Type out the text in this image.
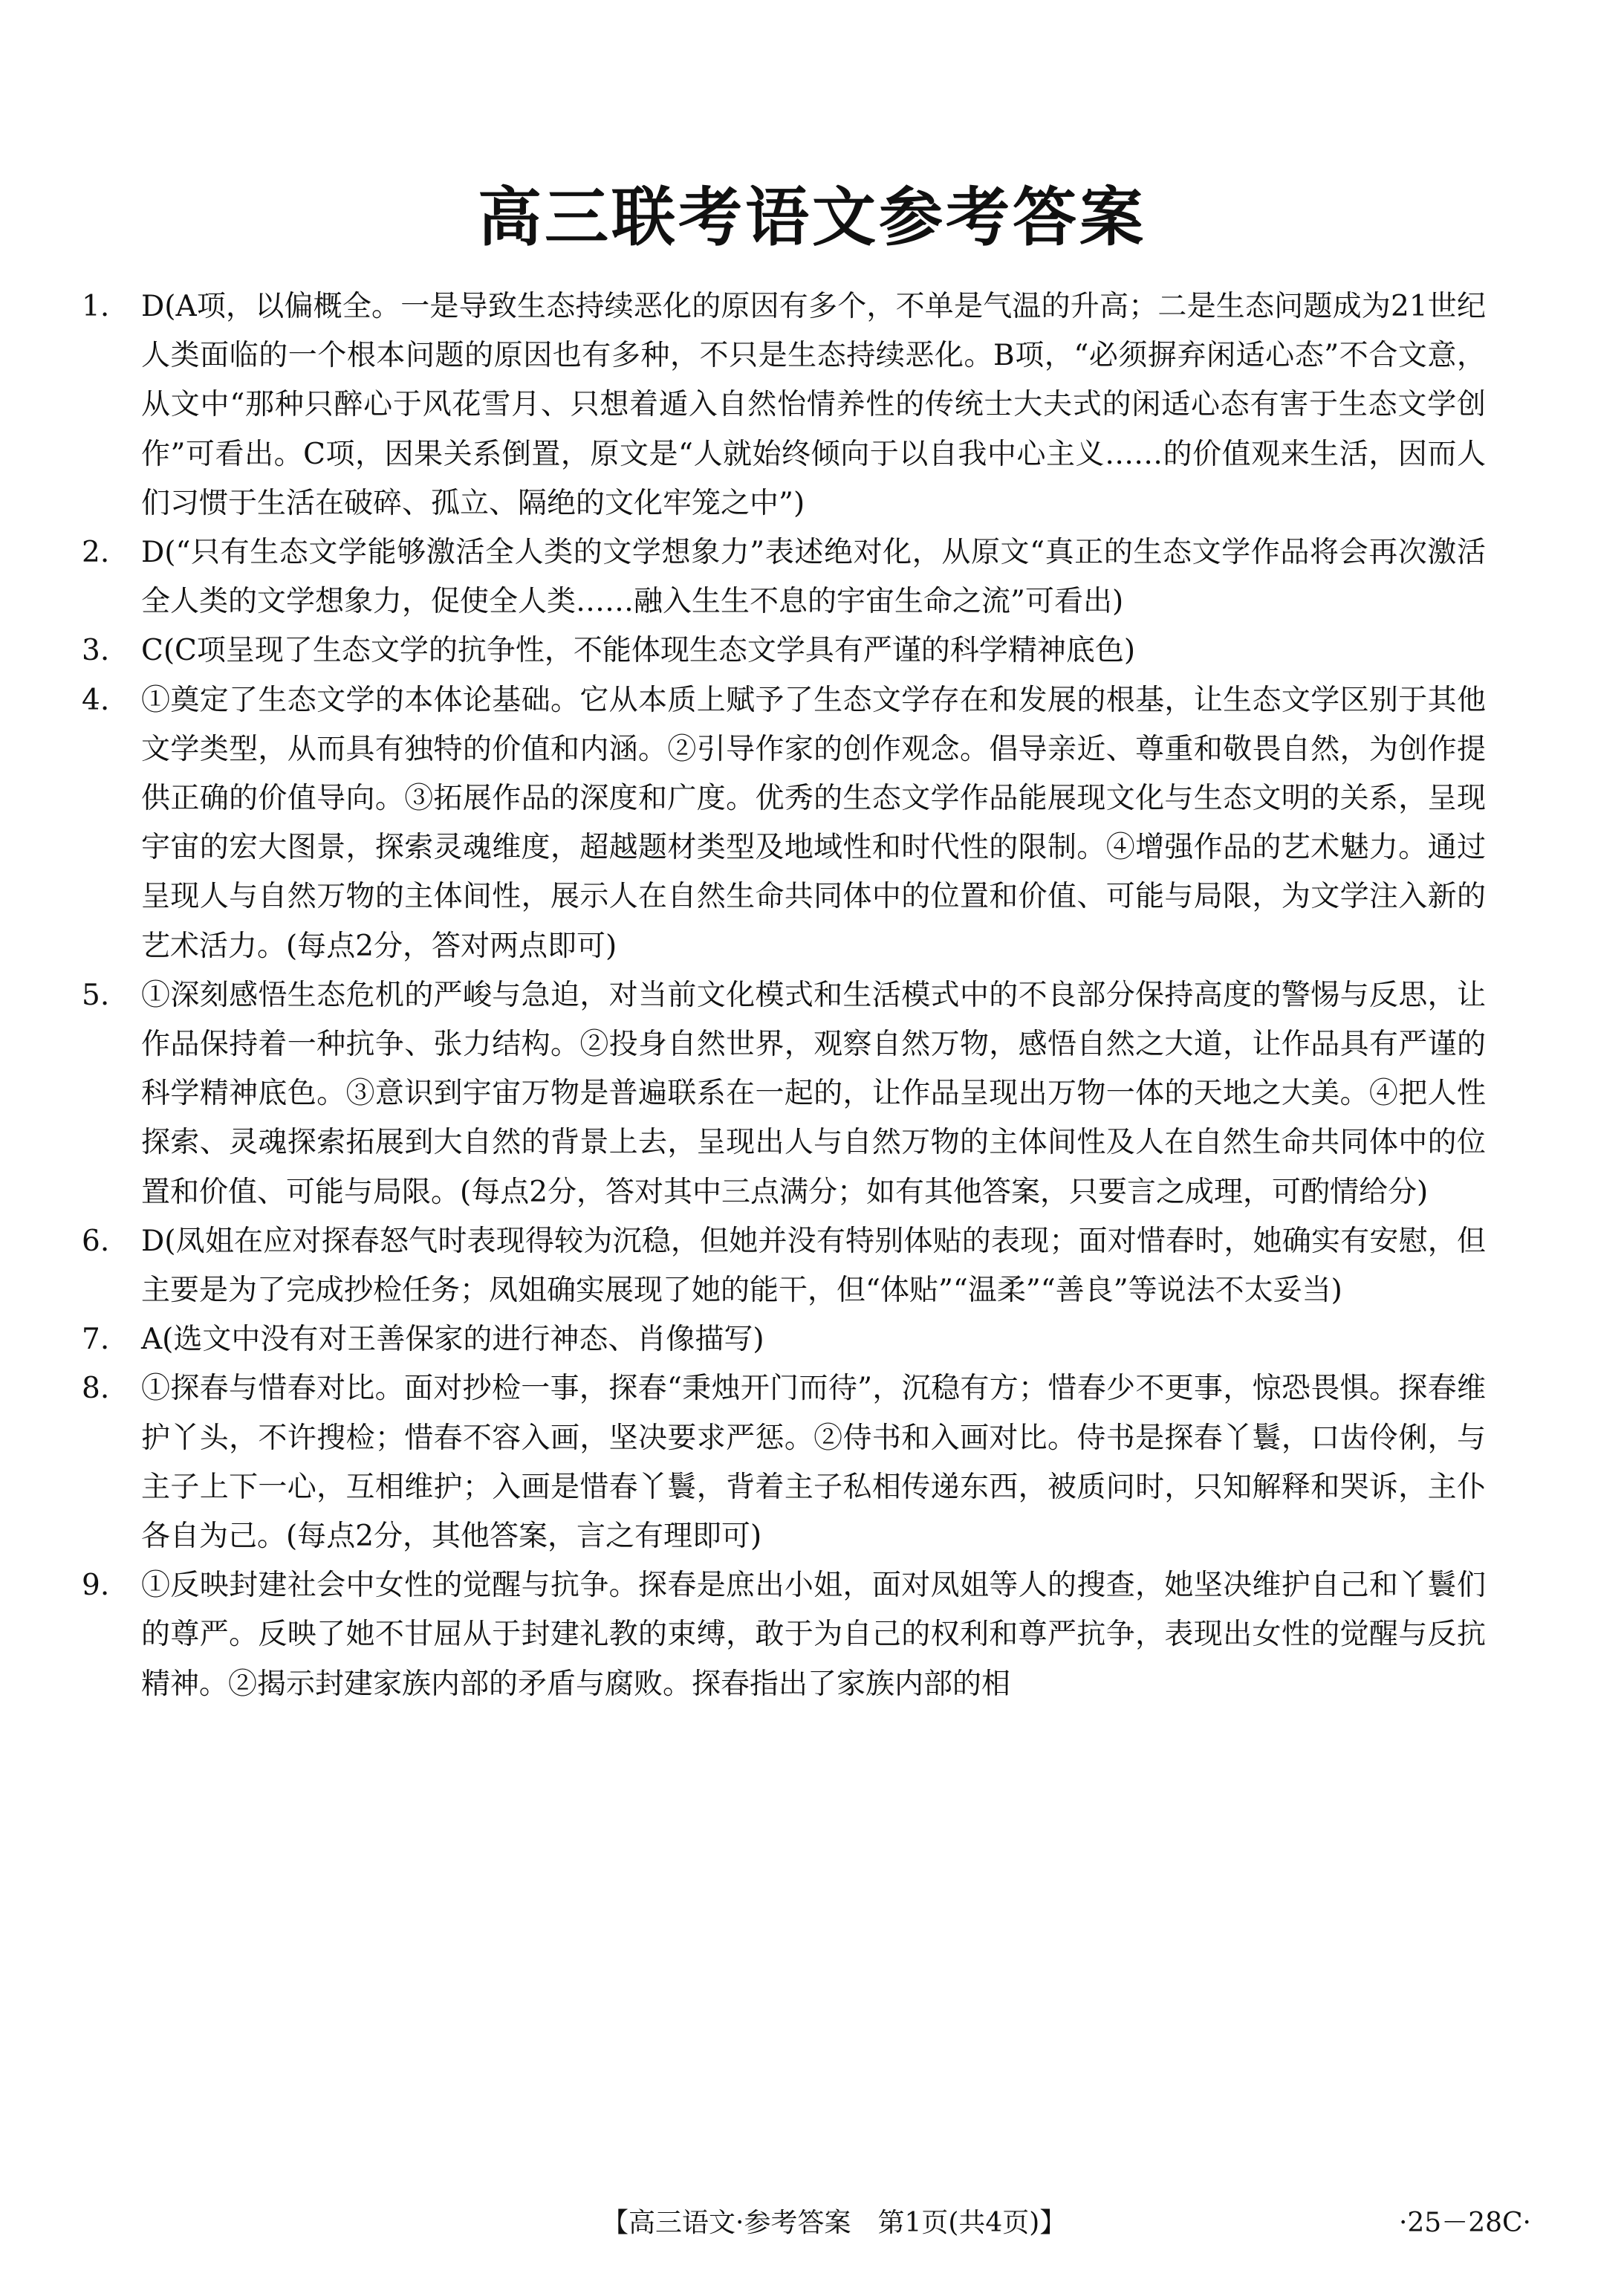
高三联考语文参考答案
1.	D(A项，以偏概全。一是导致生态持续恶化的原因有多个，不单是气温的升高；二是生态问题成为21世纪人类面临的一个根本问题的原因也有多种，不只是生态持续恶化。B项，“必须摒弃闲适心态”不合文意，从文中“那种只醉心于风花雪月、只想着遁入自然怡情养性的传统士大夫式的闲适心态有害于生态文学创作”可看出。C项，因果关系倒置，原文是“人就始终倾向于以自我中心主义……的价值观来生活，因而人们习惯于生活在破碎、孤立、隔绝的文化牢笼之中”)
2.	D(“只有生态文学能够激活全人类的文学想象力”表述绝对化，从原文“真正的生态文学作品将会再次激活全人类的文学想象力，促使全人类……融入生生不息的宇宙生命之流”可看出)
3.	C(C项呈现了生态文学的抗争性，不能体现生态文学具有严谨的科学精神底色)
4.	①奠定了生态文学的本体论基础。它从本质上赋予了生态文学存在和发展的根基，让生态文学区别于其他文学类型，从而具有独特的价值和内涵。②引导作家的创作观念。倡导亲近、尊重和敬畏自然，为创作提供正确的价值导向。③拓展作品的深度和广度。优秀的生态文学作品能展现文化与生态文明的关系，呈现宇宙的宏大图景，探索灵魂维度，超越题材类型及地域性和时代性的限制。④增强作品的艺术魅力。通过呈现人与自然万物的主体间性，展示人在自然生命共同体中的位置和价值、可能与局限，为文学注入新的艺术活力。(每点2分，答对两点即可)
5.	①深刻感悟生态危机的严峻与急迫，对当前文化模式和生活模式中的不良部分保持高度的警惕与反思，让作品保持着一种抗争、张力结构。②投身自然世界，观察自然万物，感悟自然之大道，让作品具有严谨的科学精神底色。③意识到宇宙万物是普遍联系在一起的，让作品呈现出万物一体的天地之大美。④把人性探索、灵魂探索拓展到大自然的背景上去，呈现出人与自然万物的主体间性及人在自然生命共同体中的位置和价值、可能与局限。(每点2分，答对其中三点满分；如有其他答案，只要言之成理，可酌情给分)
6.	D(凤姐在应对探春怒气时表现得较为沉稳，但她并没有特别体贴的表现；面对惜春时，她确实有安慰，但主要是为了完成抄检任务；凤姐确实展现了她的能干，但“体贴”“温柔”“善良”等说法不太妥当)
7.	A(选文中没有对王善保家的进行神态、肖像描写)
8.	①探春与惜春对比。面对抄检一事，探春“秉烛开门而待”，沉稳有方；惜春少不更事，惊恐畏惧。探春维护丫头，不许搜检；惜春不容入画，坚决要求严惩。②侍书和入画对比。侍书是探春丫鬟，口齿伶俐，与主子上下一心，互相维护；入画是惜春丫鬟，背着主子私相传递东西，被质问时，只知解释和哭诉，主仆各自为己。(每点2分，其他答案，言之有理即可)
9.	①反映封建社会中女性的觉醒与抗争。探春是庶出小姐，面对凤姐等人的搜查，她坚决维护自己和丫鬟们的尊严。反映了她不甘屈从于封建礼教的束缚，敢于为自己的权利和尊严抗争，表现出女性的觉醒与反抗精神。②揭示封建家族内部的矛盾与腐败。探春指出了家族内部的相
【高三语文·参考答案　第1页(共4页)】	·25－28C·
